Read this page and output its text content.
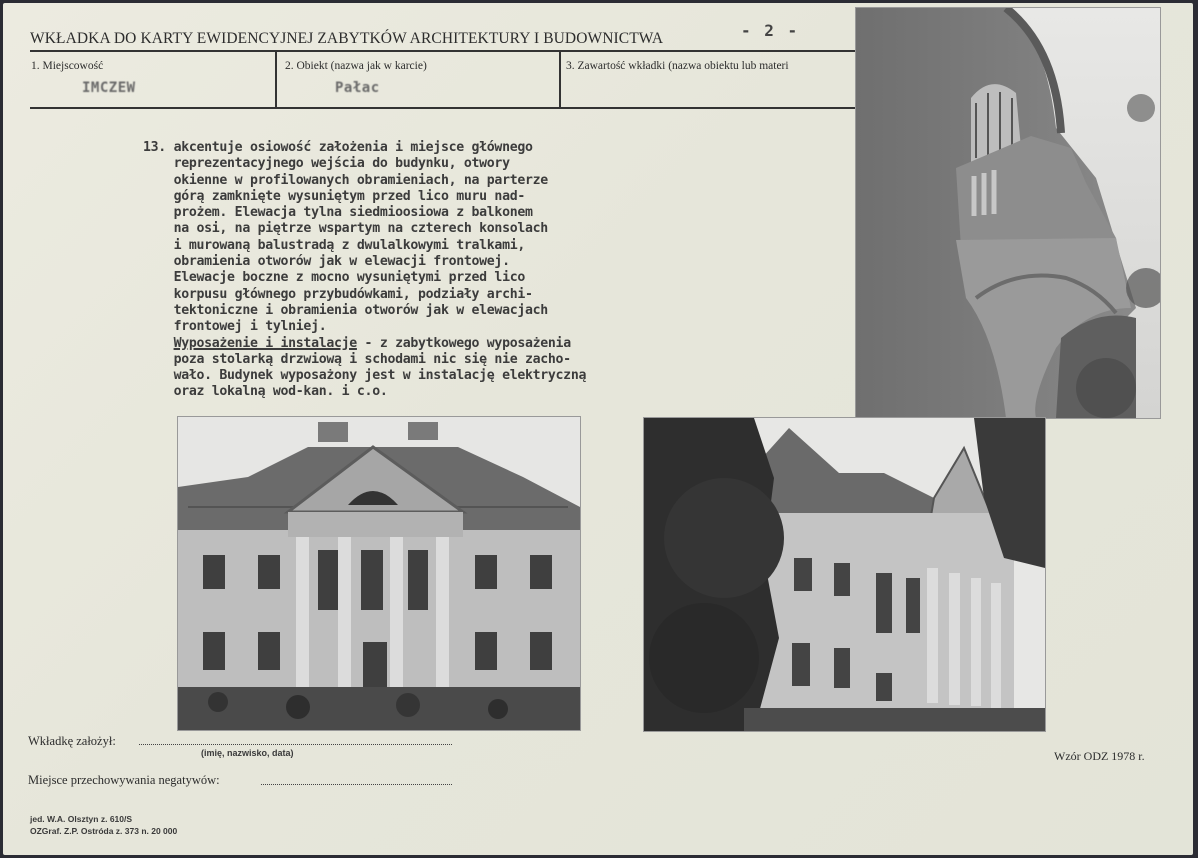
WKŁADKA DO KARTY EWIDENCYJNEJ ZABYTKÓW ARCHITEKTURY I BUDOWNICTWA	- 2 -
1. Miejscowość
IMCZEW
2. Obiekt (nazwa jak w karcie)
Pałac
3. Zawartość wkładki (nazwa obiektu lub materi
13. akcentuje osiowość założenia i miejsce głównego
reprezentacyjnego wejścia do budynku, otwory
okienne w profilowanych obramieniach, na parterze
górą zamknięte wysuniętym przed lico muru nad-
prożem. Elewacja tylna siedmioosiowa z balkonem
na osi, na piętrze wspartym na czterech konsolach
i murowaną balustradą z dwulalkowymi tralkami,
obramienia otworów jak w elewacji frontowej.
Elewacje boczne z mocno wysuniętymi przed lico
korpusu głównego przybudówkami, podziały archi-
tektoniczne i obramienia otworów jak w elewacjach
frontowej i tylniej.
Wyposażenie i instalacje - z zabytkowego wyposażenia
poza stolarką drzwiową i schodami nic się nie zacho-
wało. Budynek wyposażony jest w instalację elektryczną
oraz lokalną wod-kan. i c.o.
Wkładkę założył:
(imię, nazwisko, data)
Miejsce przechowywania negatywów:
Wzór ODZ 1978 r.
jed. W.A. Olsztyn z. 610/S
OZGraf. Z.P. Ostróda z. 373 n. 20 000
